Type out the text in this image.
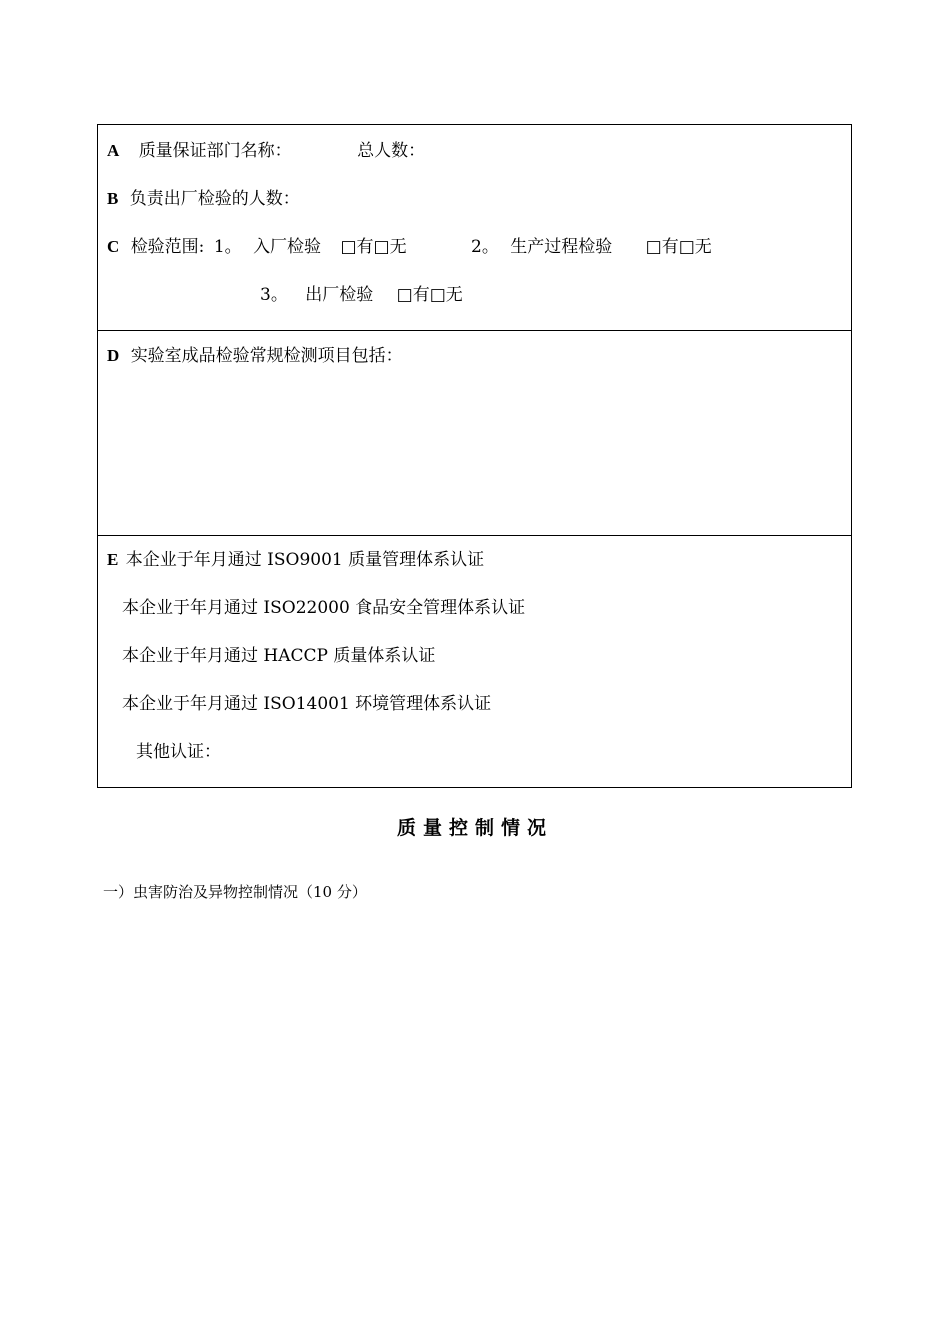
A 质量保证部门名称：	总人数：
B 负责出厂检验的人数：
C 检验范围: 1。 入厂检验 □有□无	2。 生产过程检验 □有□无
3。 出厂检验 □有□无
D 实验室成品检验常规检测项目包括：
E 本企业于年月通过 ISO9001 质量管理体系认证
本企业于年月通过 ISO22000 食品安全管理体系认证
本企业于年月通过 HACCP 质量体系认证
本企业于年月通过 ISO14001 环境管理体系认证
其他认证：
质量控制情况
一）虫害防治及异物控制情况（10 分）
